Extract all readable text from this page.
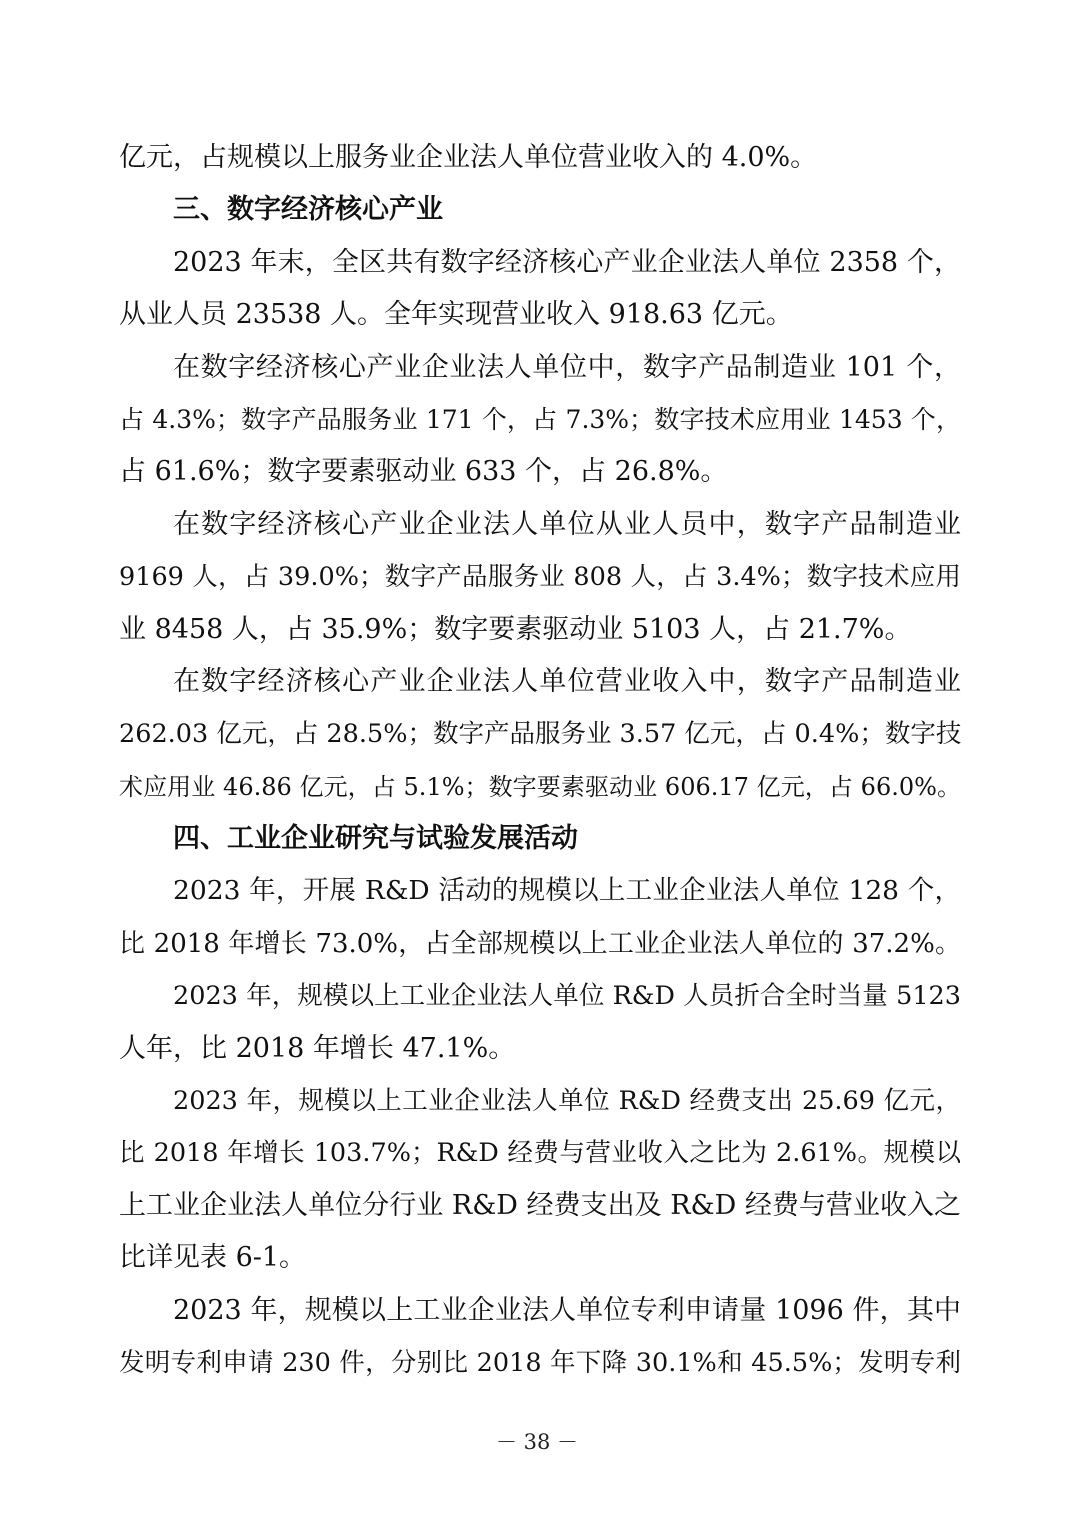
亿元，占规模以上服务业企业法人单位营业收入的 4.0%。
三、数字经济核心产业
2023 年末，全区共有数字经济核心产业企业法人单位 2358 个，
从业人员 23538 人。全年实现营业收入 918.63 亿元。
在数字经济核心产业企业法人单位中，数字产品制造业 101 个，
占 4.3%；数字产品服务业 171 个，占 7.3%；数字技术应用业 1453 个，
占 61.6%；数字要素驱动业 633 个，占 26.8%。
在数字经济核心产业企业法人单位从业人员中，数字产品制造业
9169 人，占 39.0%；数字产品服务业 808 人，占 3.4%；数字技术应用
业 8458 人，占 35.9%；数字要素驱动业 5103 人，占 21.7%。
在数字经济核心产业企业法人单位营业收入中，数字产品制造业
262.03 亿元，占 28.5%；数字产品服务业 3.57 亿元，占 0.4%；数字技
术应用业 46.86 亿元，占 5.1%；数字要素驱动业 606.17 亿元，占 66.0%。
四、工业企业研究与试验发展活动
2023 年，开展 R&D 活动的规模以上工业企业法人单位 128 个，
比 2018 年增长 73.0%，占全部规模以上工业企业法人单位的 37.2%。
2023 年，规模以上工业企业法人单位 R&D 人员折合全时当量 5123
人年，比 2018 年增长 47.1%。
2023 年，规模以上工业企业法人单位 R&D 经费支出 25.69 亿元，
比 2018 年增长 103.7%；R&D 经费与营业收入之比为 2.61%。规模以
上工业企业法人单位分行业 R&D 经费支出及 R&D 经费与营业收入之
比详见表 6-1。
2023 年，规模以上工业企业法人单位专利申请量 1096 件，其中
发明专利申请 230 件，分别比 2018 年下降 30.1%和 45.5%；发明专利
－ 38 －
